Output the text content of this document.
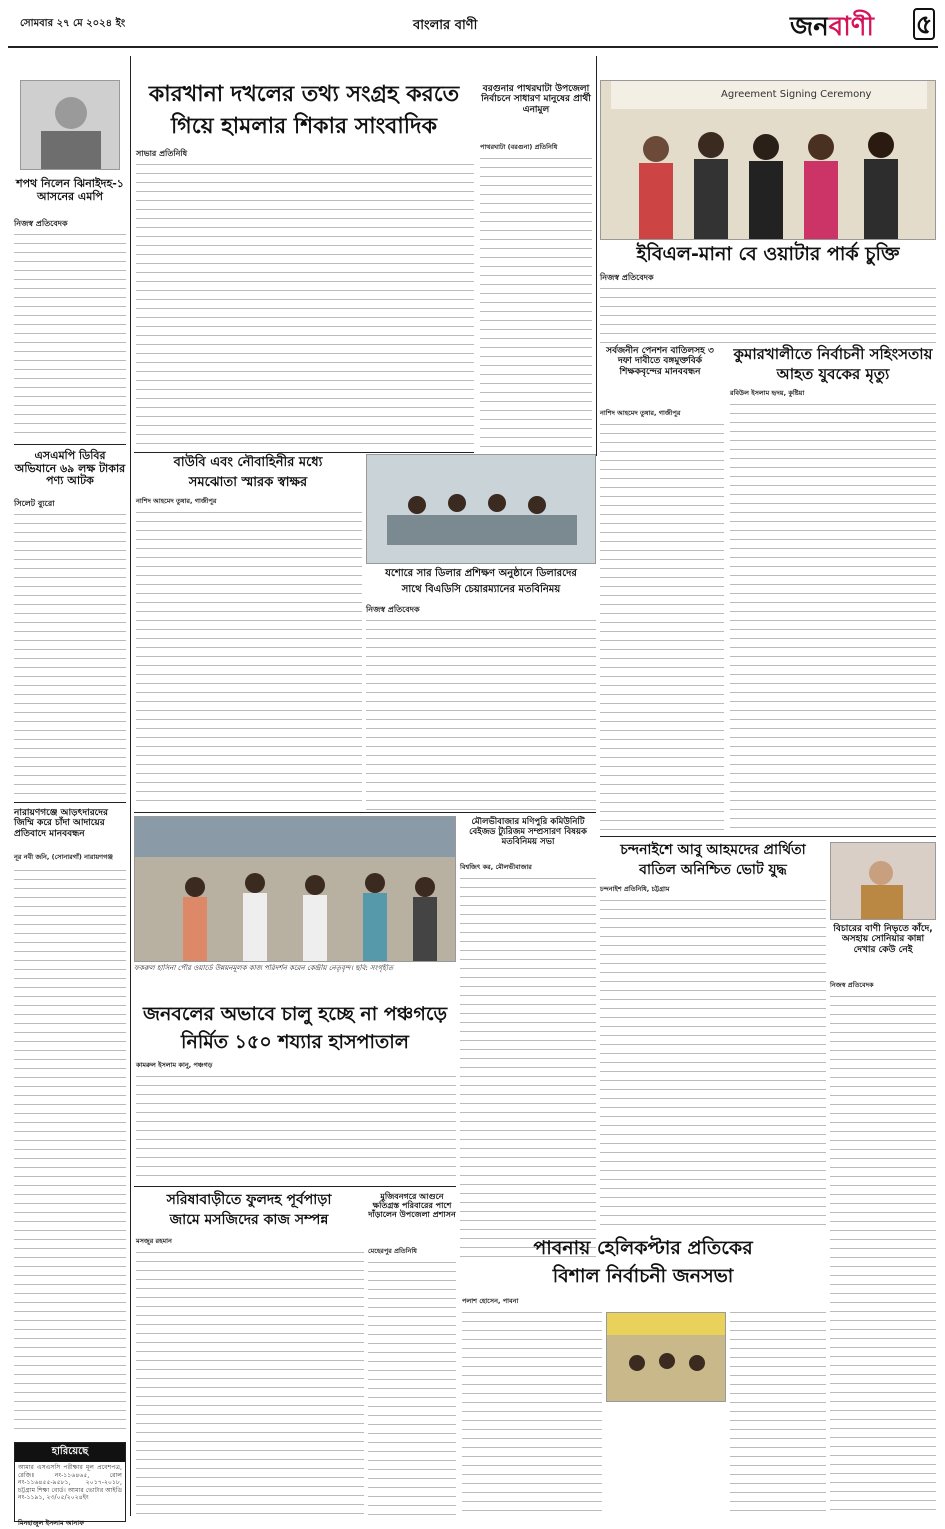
সোমবার ২৭ মে ২০২৪ ইং	বাংলার বাণী	জনবাণী ৫
শপথ নিলেন ঝিনাইদহ-১ আসনের এমপি
নিজস্ব প্রতিবেদক
এসএমপি ডিবির অভিযানে ৬৯ লক্ষ টাকার পণ্য আটক
সিলেট ব্যুরো
নারায়ণগঞ্জে আড়ৎদারদের জিম্মি করে চাঁদা আদায়ের প্রতিবাদে মানববন্ধন
নূর নবী জনি, (সোনারগাঁ) নারায়ণগঞ্জ
হারিয়েছে
আমার এসএসসি পরীক্ষার মূল প্রবেশপত্র, রেজিঃ নং-১১৬৪৬৫, রোল নং-১১৬৪৫৫-৯৫৮১, ২০১৭-২০১৮, চট্টগ্রাম শিক্ষা বোর্ড। আমার ভোটার আইডি নং-১১৯১, ২৩/০৫/২০২৪ইং
মিনহাজুল ইসলাম আনাফ
কারখানা দখলের তথ্য সংগ্রহ করতে
গিয়ে হামলার শিকার সাংবাদিক
সাভার প্রতিনিধি
বরগুনার পাথরঘাটা উপজেলা নির্বাচনে সাধারণ মানুষের প্রার্থী এনামুল
পাথরঘাটা (বরগুনা) প্রতিনিধি
Agreement Signing Ceremony
ইবিএল-মানা বে ওয়াটার পার্ক চুক্তি
নিজস্ব প্রতিবেদক
সর্বজনীন পেনশন বাতিলসহ ৩ দফা দাবীতে বঙ্গমুক্তবির্ক শিক্ষকবৃন্দের মানববন্ধন
নাশিদ আহমেদ তুষার, গাজীপুর
কুমারখালীতে নির্বাচনী সহিংসতায়
আহত যুবকের মৃত্যু
রবিউল ইসলাম হৃদয়, কুষ্টিয়া
বাউবি এবং নৌবাহিনীর মধ্যে
সমঝোতা স্মারক স্বাক্ষর
নাশিদ আহমেদ তুষার, গাজীপুর
যশোরে সার ডিলার প্রশিক্ষণ অনুষ্ঠানে ডিলারদের
সাথে বিএডিসি চেয়ারম্যানের মতবিনিময়
নিজস্ব প্রতিবেদক
ফকরুল হাসিনা পৌর ওয়ার্ডে উন্নয়নমূলক কাজ পরিদর্শন করেন কেন্দ্রীয় নেতৃবৃন্দ। ছবি: সংগৃহীত
মৌলভীবাজার মণিপুরি কমিউনিটি বেইজড ট্যুরিজম সম্প্রসারণ বিষয়ক মতবিনিময় সভা
বিশ্বজিৎ কর, মৌলভীবাজার
চন্দনাইশে আবু আহমদের প্রার্থিতা
বাতিল অনিশ্চিত ভোট যুদ্ধ
চন্দনাইশ প্রতিনিধি, চট্টগ্রাম
বিচারের বাণী নিভৃতে কাঁদে, অসহায় সোনিয়ার কান্না দেখার কেউ নেই
নিজস্ব প্রতিবেদক
জনবলের অভাবে চালু হচ্ছে না পঞ্চগড়ে
নির্মিত ১৫০ শয্যার হাসপাতাল
কামরুল ইসলাম কানু, পঞ্চগড়
সরিষাবাড়ীতে ফুলদহ পূর্বপাড়া
জামে মসজিদের কাজ সম্পন্ন
মসজুর রহমান
মুজিবনগরে আগুনে ক্ষতিগ্রস্ত পরিবারের পাশে দাঁড়ালেন উপজেলা প্রশাসন
মেহেরপুর প্রতিনিধি	পাবনায় হেলিকপ্টার প্রতিকের
বিশাল নির্বাচনী জনসভা
পলাশ হোসেন, পাবনা
